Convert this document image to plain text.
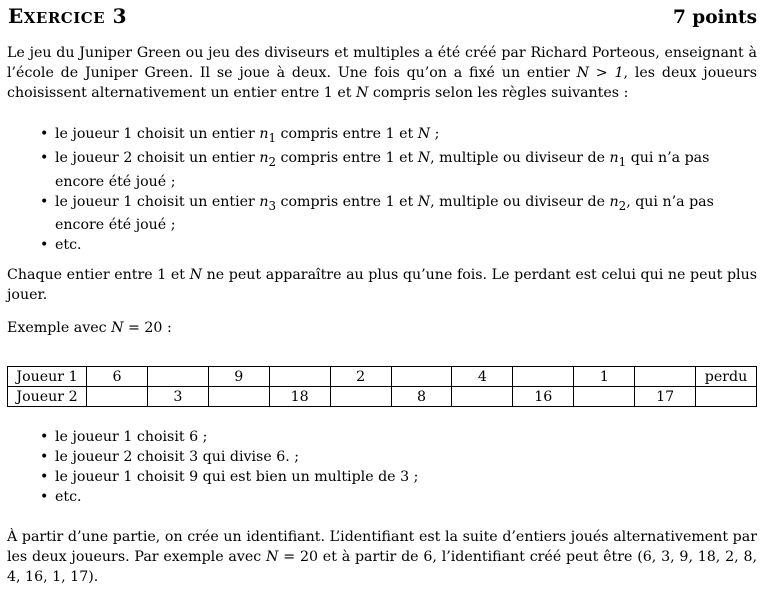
EXERCICE 3	7 points

Le jeu du Juniper Green ou jeu des diviseurs et multiples a été créé par Richard Porteous, enseignant à l’école de Juniper Green. Il se joue à deux. Une fois qu’on a fixé un entier N > 1, les deux joueurs choisissent alternativement un entier entre 1 et N compris selon les règles suivantes :

• le joueur 1 choisit un entier $n_1$ compris entre 1 et N ;
• le joueur 2 choisit un entier $n_2$ compris entre 1 et N, multiple ou diviseur de $n_1$ qui n’a pas encore été joué ;
• le joueur 1 choisit un entier $n_3$ compris entre 1 et N, multiple ou diviseur de $n_2$, qui n’a pas encore été joué ;
• etc.

Chaque entier entre 1 et N ne peut apparaître au plus qu’une fois. Le perdant est celui qui ne peut plus jouer.

Exemple avec N = 20 :

Joueur 1	6		9		2		4		1		perdu
Joueur 2		3		18		8		16		17	
• le joueur 1 choisit 6 ;
• le joueur 2 choisit 3 qui divise 6. ;
• le joueur 1 choisit 9 qui est bien un multiple de 3 ;
• etc.

À partir d’une partie, on crée un identifiant. L’identifiant est la suite d’entiers joués alternativement par les deux joueurs. Par exemple avec N = 20 et à partir de 6, l’identifiant créé peut être (6, 3, 9, 18, 2, 8, 4, 16, 1, 17).
